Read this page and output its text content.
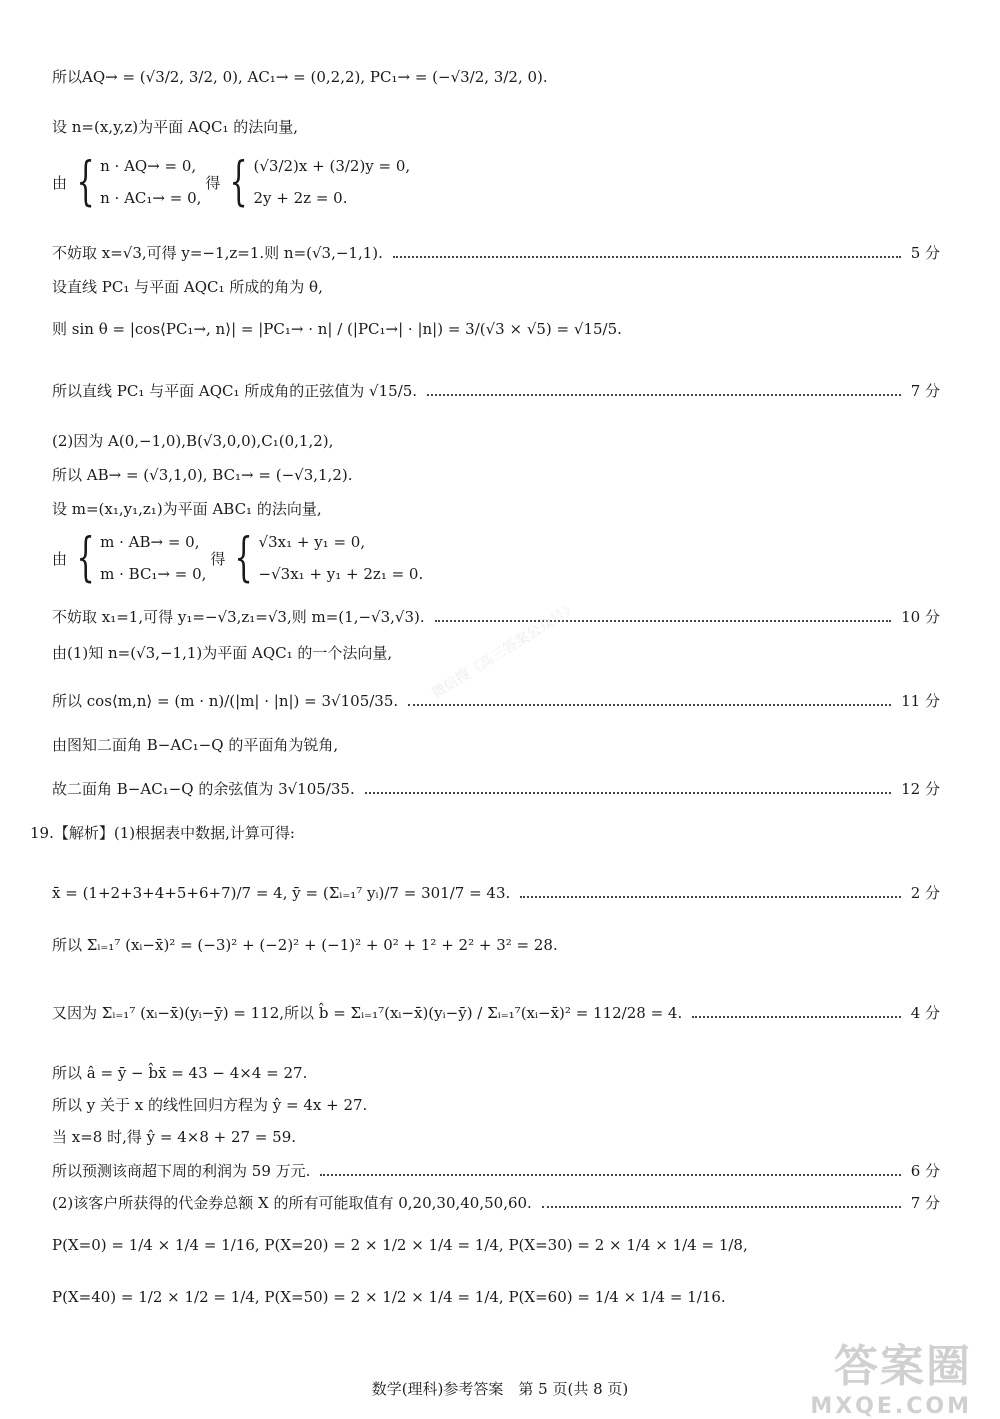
所以AQ→ = (√3/2, 3/2, 0), AC₁→ = (0,2,2), PC₁→ = (−√3/2, 3/2, 0).
设 n=(x,y,z)为平面 AQC₁ 的法向量,
由 { n · AQ→ = 0,
n · AC₁→ = 0,
得 { (√3/2)x + (3/2)y = 0,
2y + 2z = 0.
不妨取 x=√3,可得 y=−1,z=1.则 n=(√3,−1,1).	5 分
设直线 PC₁ 与平面 AQC₁ 所成的角为 θ,
则 sin θ = |cos⟨PC₁→, n⟩| = |PC₁→ · n| / (|PC₁→| · |n|) = 3/(√3 × √5) = √15/5.
所以直线 PC₁ 与平面 AQC₁ 所成角的正弦值为 √15/5.	7 分
(2)因为 A(0,−1,0),B(√3,0,0),C₁(0,1,2),
所以 AB→ = (√3,1,0), BC₁→ = (−√3,1,2).
设 m=(x₁,y₁,z₁)为平面 ABC₁ 的法向量,
由 { m · AB→ = 0,
m · BC₁→ = 0,
得 { √3x₁ + y₁ = 0,
−√3x₁ + y₁ + 2z₁ = 0.
不妨取 x₁=1,可得 y₁=−√3,z₁=√3,则 m=(1,−√3,√3).	10 分
由(1)知 n=(√3,−1,1)为平面 AQC₁ 的一个法向量,
所以 cos⟨m,n⟩ = (m · n)/(|m| · |n|) = 3√105/35.	11 分
由图知二面角 B−AC₁−Q 的平面角为锐角,
故二面角 B−AC₁−Q 的余弦值为 3√105/35.	12 分
19.【解析】(1)根据表中数据,计算可得:
x̄ = (1+2+3+4+5+6+7)/7 = 4, ȳ = (Σᵢ₌₁⁷ yᵢ)/7 = 301/7 = 43.	2 分
所以 Σᵢ₌₁⁷ (xᵢ−x̄)² = (−3)² + (−2)² + (−1)² + 0² + 1² + 2² + 3² = 28.
又因为 Σᵢ₌₁⁷ (xᵢ−x̄)(yᵢ−ȳ) = 112,所以 b̂ = Σᵢ₌₁⁷(xᵢ−x̄)(yᵢ−ȳ) / Σᵢ₌₁⁷(xᵢ−x̄)² = 112/28 = 4.	4 分
所以 â = ȳ − b̂x̄ = 43 − 4×4 = 27.
所以 y 关于 x 的线性回归方程为 ŷ = 4x + 27.
当 x=8 时,得 ŷ = 4×8 + 27 = 59.
所以预测该商超下周的利润为 59 万元.	6 分
(2)该客户所获得的代金券总额 X 的所有可能取值有 0,20,30,40,50,60.	7 分
P(X=0) = 1/4 × 1/4 = 1/16, P(X=20) = 2 × 1/2 × 1/4 = 1/4, P(X=30) = 2 × 1/4 × 1/4 = 1/8,
P(X=40) = 1/2 × 1/2 = 1/4, P(X=50) = 2 × 1/2 × 1/4 = 1/4, P(X=60) = 1/4 × 1/4 = 1/16.
微信搜《高三答案公众号》
数学(理科)参考答案　第 5 页(共 8 页)	答案圈
MXQE.COM
